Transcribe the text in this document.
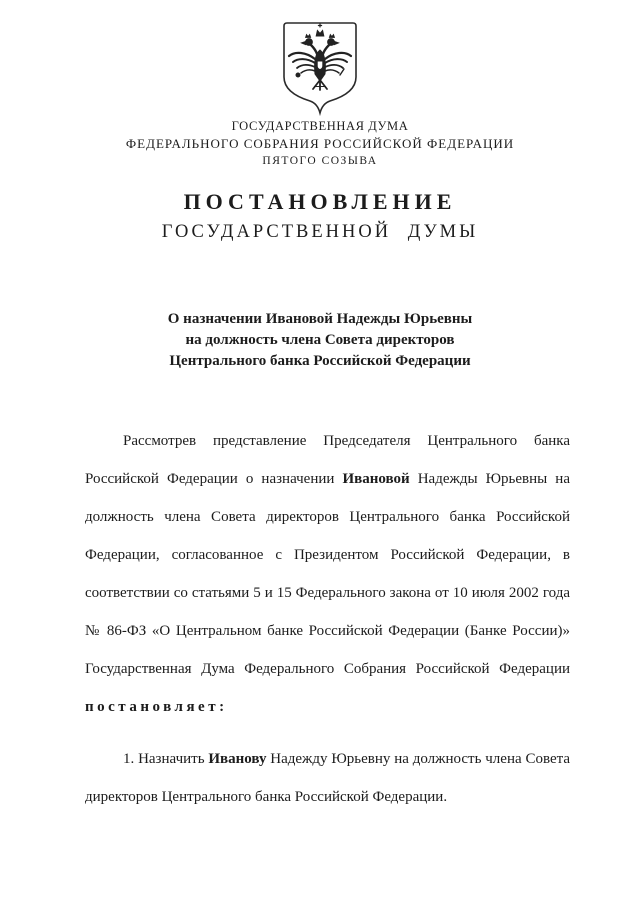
ГОСУДАРСТВЕННАЯ ДУМА
ФЕДЕРАЛЬНОГО СОБРАНИЯ РОССИЙСКОЙ ФЕДЕРАЦИИ
ПЯТОГО СОЗЫВА
ПОСТАНОВЛЕНИЕ
ГОСУДАРСТВЕННОЙ ДУМЫ
О назначении Ивановой Надежды Юрьевны
на должность члена Совета директоров
Центрального банка Российской Федерации
Рассмотрев представление Председателя Центрального банка
Российской Федерации о назначении Ивановой Надежды Юрьевны на
должность члена Совета директоров Центрального банка Российской
Федерации, согласованное с Президентом Российской Федерации, в
соответствии со статьями 5 и 15 Федерального закона от 10 июля 2002 года
№ 86-ФЗ «О Центральном банке Российской Федерации (Банке России)»
Государственная Дума Федерального Собрания Российской Федерации
постановляет:
1. Назначить Иванову Надежду Юрьевну на должность члена Совета
директоров Центрального банка Российской Федерации.
